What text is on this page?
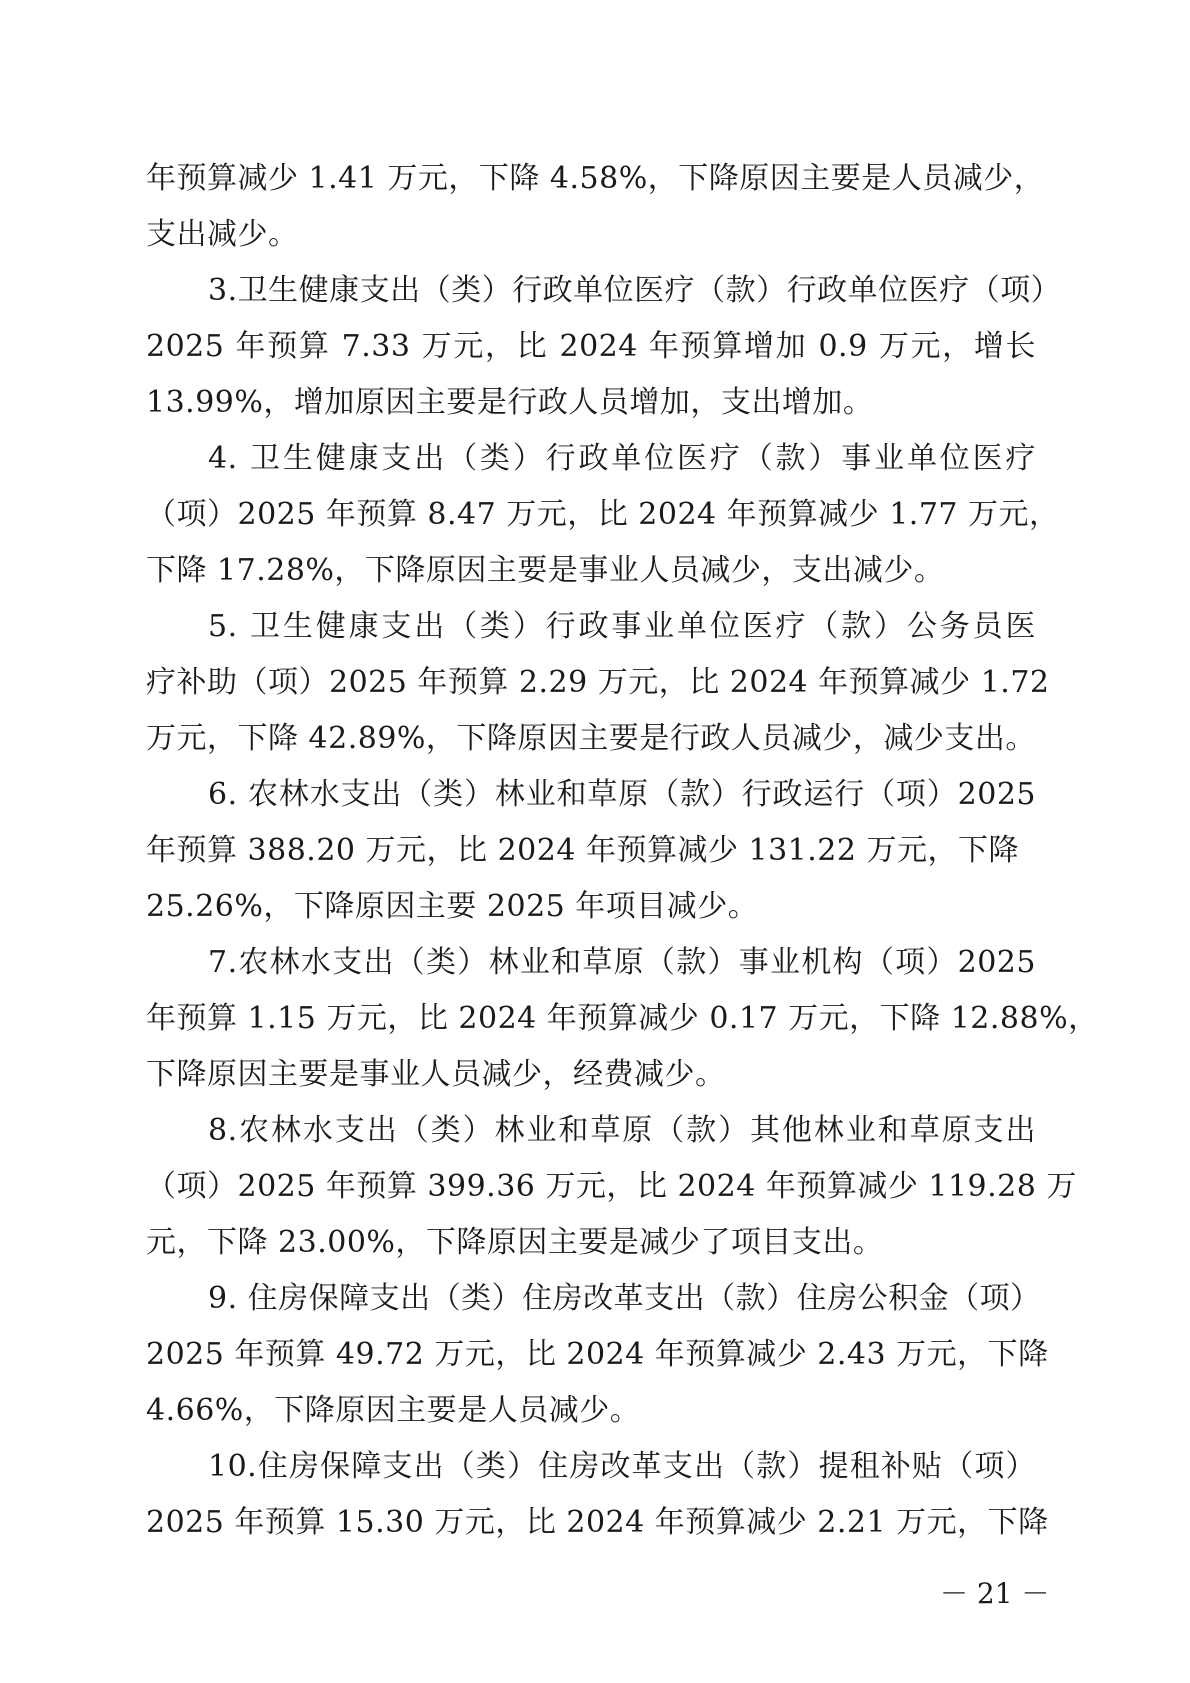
年预算减少 1.41 万元，下降 4.58%，下降原因主要是人员减少，
支出减少。
3.卫生健康支出（类）行政单位医疗（款）行政单位医疗（项）
2025 年预算 7.33 万元，比 2024 年预算增加 0.9 万元，增长
13.99%，增加原因主要是行政人员增加，支出增加。
4. 卫生健康支出（类）行政单位医疗（款）事业单位医疗
（项）2025 年预算 8.47 万元，比 2024 年预算减少 1.77 万元，
下降 17.28%，下降原因主要是事业人员减少，支出减少。
5. 卫生健康支出（类）行政事业单位医疗（款）公务员医
疗补助（项）2025 年预算 2.29 万元，比 2024 年预算减少 1.72
万元，下降 42.89%，下降原因主要是行政人员减少，减少支出。
6. 农林水支出（类）林业和草原（款）行政运行（项）2025
年预算 388.20 万元，比 2024 年预算减少 131.22 万元，下降
25.26%，下降原因主要 2025 年项目减少。
7.农林水支出（类）林业和草原（款）事业机构（项）2025
年预算 1.15 万元，比 2024 年预算减少 0.17 万元，下降 12.88%，
下降原因主要是事业人员减少，经费减少。
8.农林水支出（类）林业和草原（款）其他林业和草原支出
（项）2025 年预算 399.36 万元，比 2024 年预算减少 119.28 万
元，下降 23.00%，下降原因主要是减少了项目支出。
9. 住房保障支出（类）住房改革支出（款）住房公积金（项）
2025 年预算 49.72 万元，比 2024 年预算减少 2.43 万元，下降
4.66%，下降原因主要是人员减少。
10.住房保障支出（类）住房改革支出（款）提租补贴（项）
2025 年预算 15.30 万元，比 2024 年预算减少 2.21 万元，下降
－ 21 －
